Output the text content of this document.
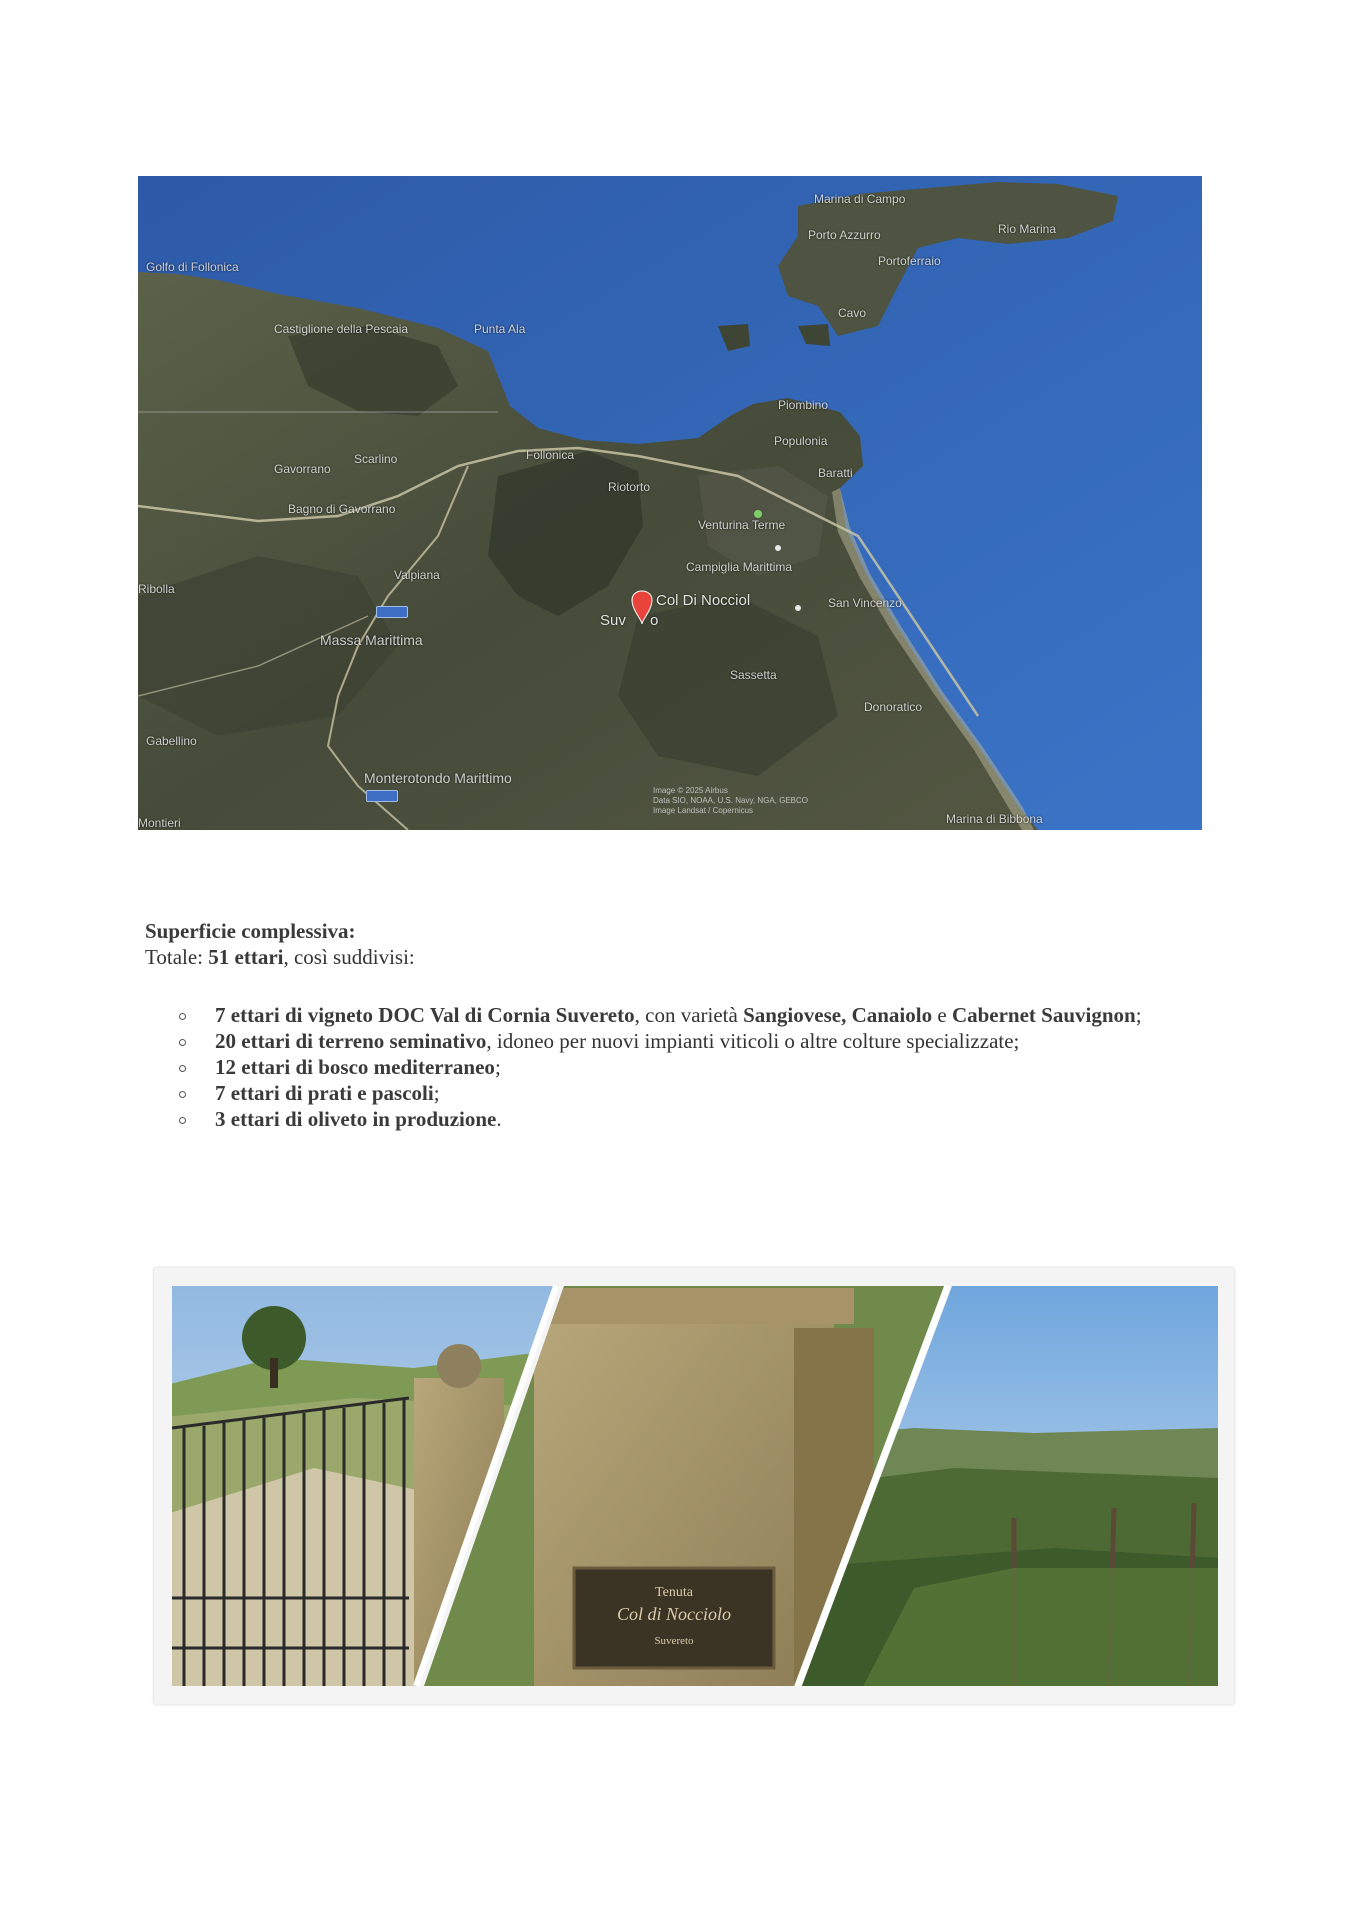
Marina di Campo
Porto Azzurro	Rio Marina
Portoferraio
Cavo
Golfo di Follonica
Castiglione della Pescaia	Punta Ala
Piombino
Populonia
Baratti
Gavorrano
Scarlino	Follonica
Riotorto
Bagno di Gavorrano
Venturina Terme
Campiglia Marittima
Valpiana
San Vincenzo
Massa Marittima
Sassetta
Donoratico
Gabellino
Monterotondo Marittimo
Marina di Bibbona
Col Di Nocciol
Suv o
Ribolla
Montieri
Image © 2025 Airbus
Data SIO, NOAA, U.S. Navy, NGA, GEBCO
Image Landsat / Copernicus

Superficie complessiva:

Totale: 51 ettari, così suddivisi:

7 ettari di vigneto DOC Val di Cornia Suvereto, con varietà Sangiovese, Canaiolo e Cabernet Sauvignon;
20 ettari di terreno seminativo, idoneo per nuovi impianti viticoli o altre colture specializzate;
12 ettari di bosco mediterraneo;
7 ettari di prati e pascoli;
3 ettari di oliveto in produzione.
Tenuta
Col di Nocciolo
Suvereto
